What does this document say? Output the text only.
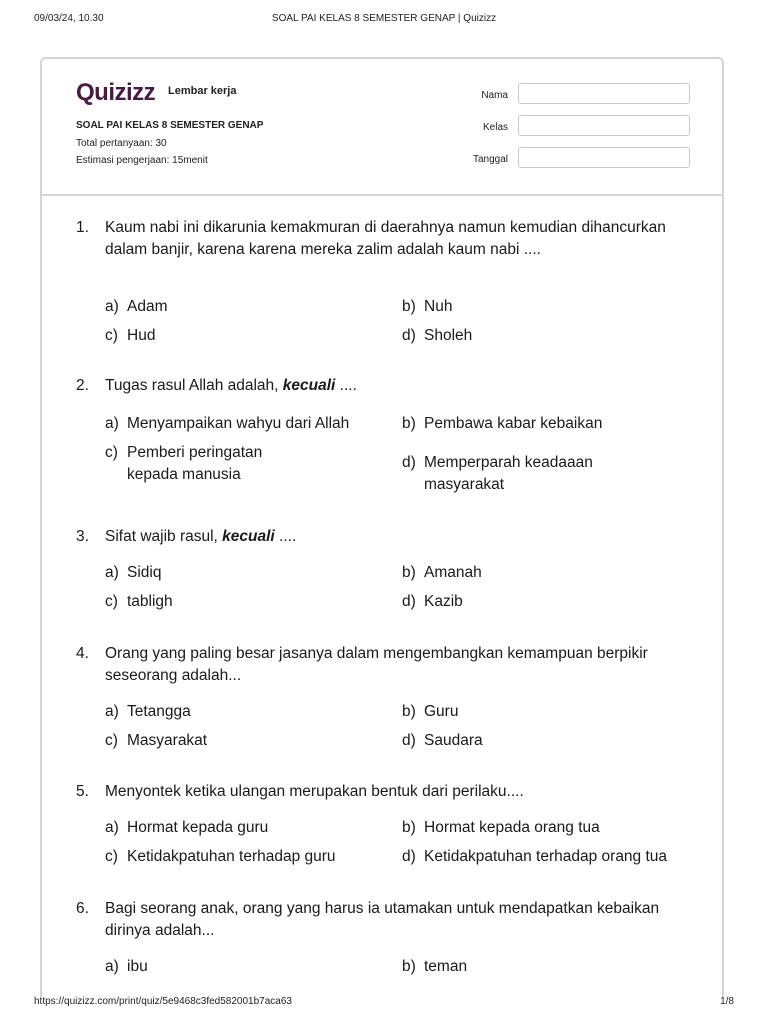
09/03/24, 10.30	SOAL PAI KELAS 8 SEMESTER GENAP | Quizizz
Quizizz Lembar kerja
SOAL PAI KELAS 8 SEMESTER GENAP
Total pertanyaan: 30
Estimasi pengerjaan: 15menit
Nama
Kelas
Tanggal
1. Kaum nabi ini dikarunia kemakmuran di daerahnya namun kemudian dihancurkan dalam banjir, karena karena mereka zalim adalah kaum nabi ....
a) Adam	b) Nuh
c) Hud	d) Sholeh
2. Tugas rasul Allah adalah, kecuali ....
a) Menyampaikan wahyu dari Allah	b) Pembawa kabar kebaikan
c) Pemberi peringatan
kepada manusia
d) Memperparah keadaaan
masyarakat
3. Sifat wajib rasul, kecuali ....
a) Sidiq	b) Amanah
c) tabligh	d) Kazib
4. Orang yang paling besar jasanya dalam mengembangkan kemampuan berpikir seseorang adalah...
a) Tetangga	b) Guru
c) Masyarakat	d) Saudara
5. Menyontek ketika ulangan merupakan bentuk dari perilaku....
a) Hormat kepada guru	b) Hormat kepada orang tua
c) Ketidakpatuhan terhadap guru	d) Ketidakpatuhan terhadap orang tua
6. Bagi seorang anak, orang yang harus ia utamakan untuk mendapatkan kebaikan dirinya adalah...
a) ibu	b) teman
https://quizizz.com/print/quiz/5e9468c3fed582001b7aca63	1/8
